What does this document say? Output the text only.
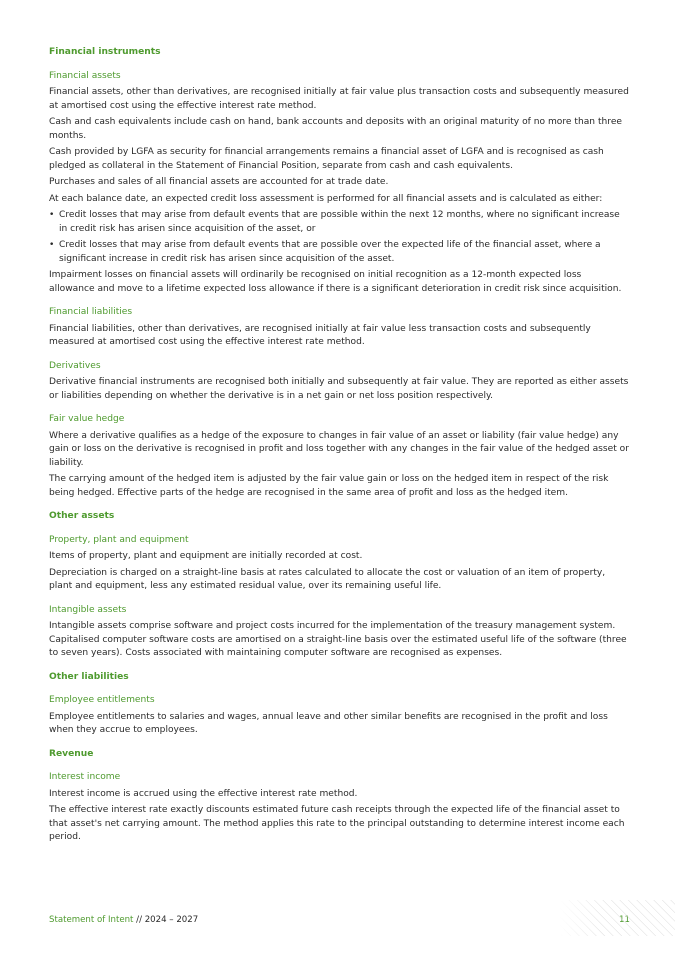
Financial instruments
Financial assets
Financial assets, other than derivatives, are recognised initially at fair value plus transaction costs and subsequently measured at amortised cost using the effective interest rate method.
Cash and cash equivalents include cash on hand, bank accounts and deposits with an original maturity of no more than three months.
Cash provided by LGFA as security for financial arrangements remains a financial asset of LGFA and is recognised as cash pledged as collateral in the Statement of Financial Position, separate from cash and cash equivalents.
Purchases and sales of all financial assets are accounted for at trade date.
At each balance date, an expected credit loss assessment is performed for all financial assets and is calculated as either:
• Credit losses that may arise from default events that are possible within the next 12 months, where no significant increase in credit risk has arisen since acquisition of the asset, or
• Credit losses that may arise from default events that are possible over the expected life of the financial asset, where a significant increase in credit risk has arisen since acquisition of the asset.
Impairment losses on financial assets will ordinarily be recognised on initial recognition as a 12-month expected loss allowance and move to a lifetime expected loss allowance if there is a significant deterioration in credit risk since acquisition.
Financial liabilities
Financial liabilities, other than derivatives, are recognised initially at fair value less transaction costs and subsequently measured at amortised cost using the effective interest rate method.
Derivatives
Derivative financial instruments are recognised both initially and subsequently at fair value. They are reported as either assets or liabilities depending on whether the derivative is in a net gain or net loss position respectively.
Fair value hedge
Where a derivative qualifies as a hedge of the exposure to changes in fair value of an asset or liability (fair value hedge) any gain or loss on the derivative is recognised in profit and loss together with any changes in the fair value of the hedged asset or liability.
The carrying amount of the hedged item is adjusted by the fair value gain or loss on the hedged item in respect of the risk being hedged. Effective parts of the hedge are recognised in the same area of profit and loss as the hedged item.
Other assets
Property, plant and equipment
Items of property, plant and equipment are initially recorded at cost.
Depreciation is charged on a straight-line basis at rates calculated to allocate the cost or valuation of an item of property, plant and equipment, less any estimated residual value, over its remaining useful life.
Intangible assets
Intangible assets comprise software and project costs incurred for the implementation of the treasury management system. Capitalised computer software costs are amortised on a straight-line basis over the estimated useful life of the software (three to seven years). Costs associated with maintaining computer software are recognised as expenses.
Other liabilities
Employee entitlements
Employee entitlements to salaries and wages, annual leave and other similar benefits are recognised in the profit and loss when they accrue to employees.
Revenue
Interest income
Interest income is accrued using the effective interest rate method.
The effective interest rate exactly discounts estimated future cash receipts through the expected life of the financial asset to that asset's net carrying amount. The method applies this rate to the principal outstanding to determine interest income each period.
Statement of Intent // 2024 – 2027
